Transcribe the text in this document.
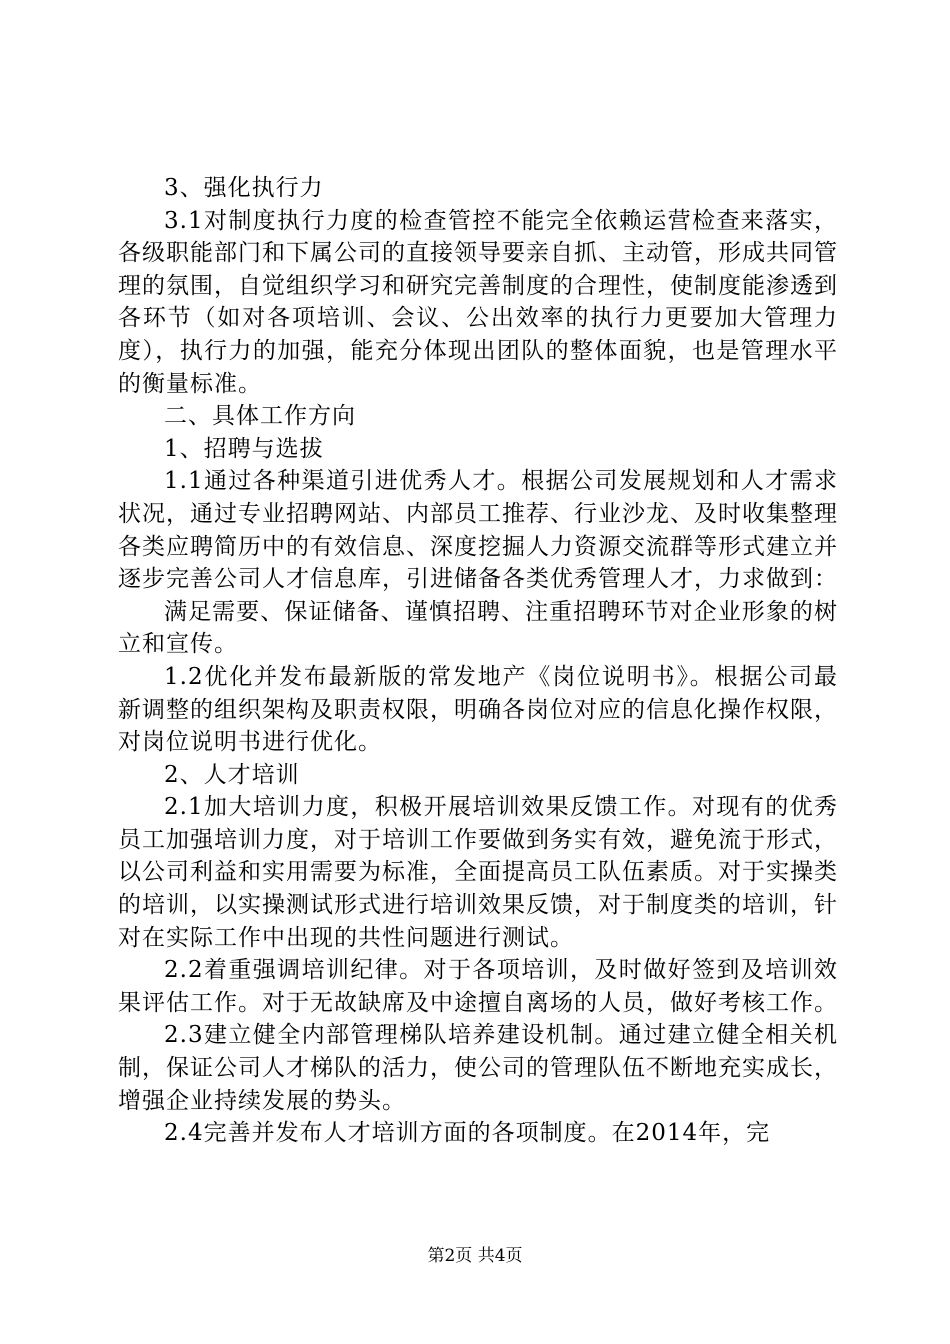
3、强化执行力

3.1对制度执行力度的检查管控不能完全依赖运营检查来落实，各级职能部门和下属公司的直接领导要亲自抓、主动管，形成共同管理的氛围，自觉组织学习和研究完善制度的合理性，使制度能渗透到各环节（如对各项培训、会议、公出效率的执行力更要加大管理力度），执行力的加强，能充分体现出团队的整体面貌，也是管理水平的衡量标准。

二、具体工作方向

1、招聘与选拔

1.1通过各种渠道引进优秀人才。根据公司发展规划和人才需求状况，通过专业招聘网站、内部员工推荐、行业沙龙、及时收集整理各类应聘简历中的有效信息、深度挖掘人力资源交流群等形式建立并逐步完善公司人才信息库，引进储备各类优秀管理人才，力求做到：

满足需要、保证储备、谨慎招聘、注重招聘环节对企业形象的树立和宣传。

1.2优化并发布最新版的常发地产《岗位说明书》。根据公司最新调整的组织架构及职责权限，明确各岗位对应的信息化操作权限，对岗位说明书进行优化。

2、人才培训

2.1加大培训力度，积极开展培训效果反馈工作。对现有的优秀员工加强培训力度，对于培训工作要做到务实有效，避免流于形式，以公司利益和实用需要为标准，全面提高员工队伍素质。对于实操类的培训，以实操测试形式进行培训效果反馈，对于制度类的培训，针对在实际工作中出现的共性问题进行测试。

2.2着重强调培训纪律。对于各项培训，及时做好签到及培训效果评估工作。对于无故缺席及中途擅自离场的人员，做好考核工作。

2.3建立健全内部管理梯队培养建设机制。通过建立健全相关机制，保证公司人才梯队的活力，使公司的管理队伍不断地充实成长，增强企业持续发展的势头。

2.4完善并发布人才培训方面的各项制度。在2014年，完

第2页 共4页
